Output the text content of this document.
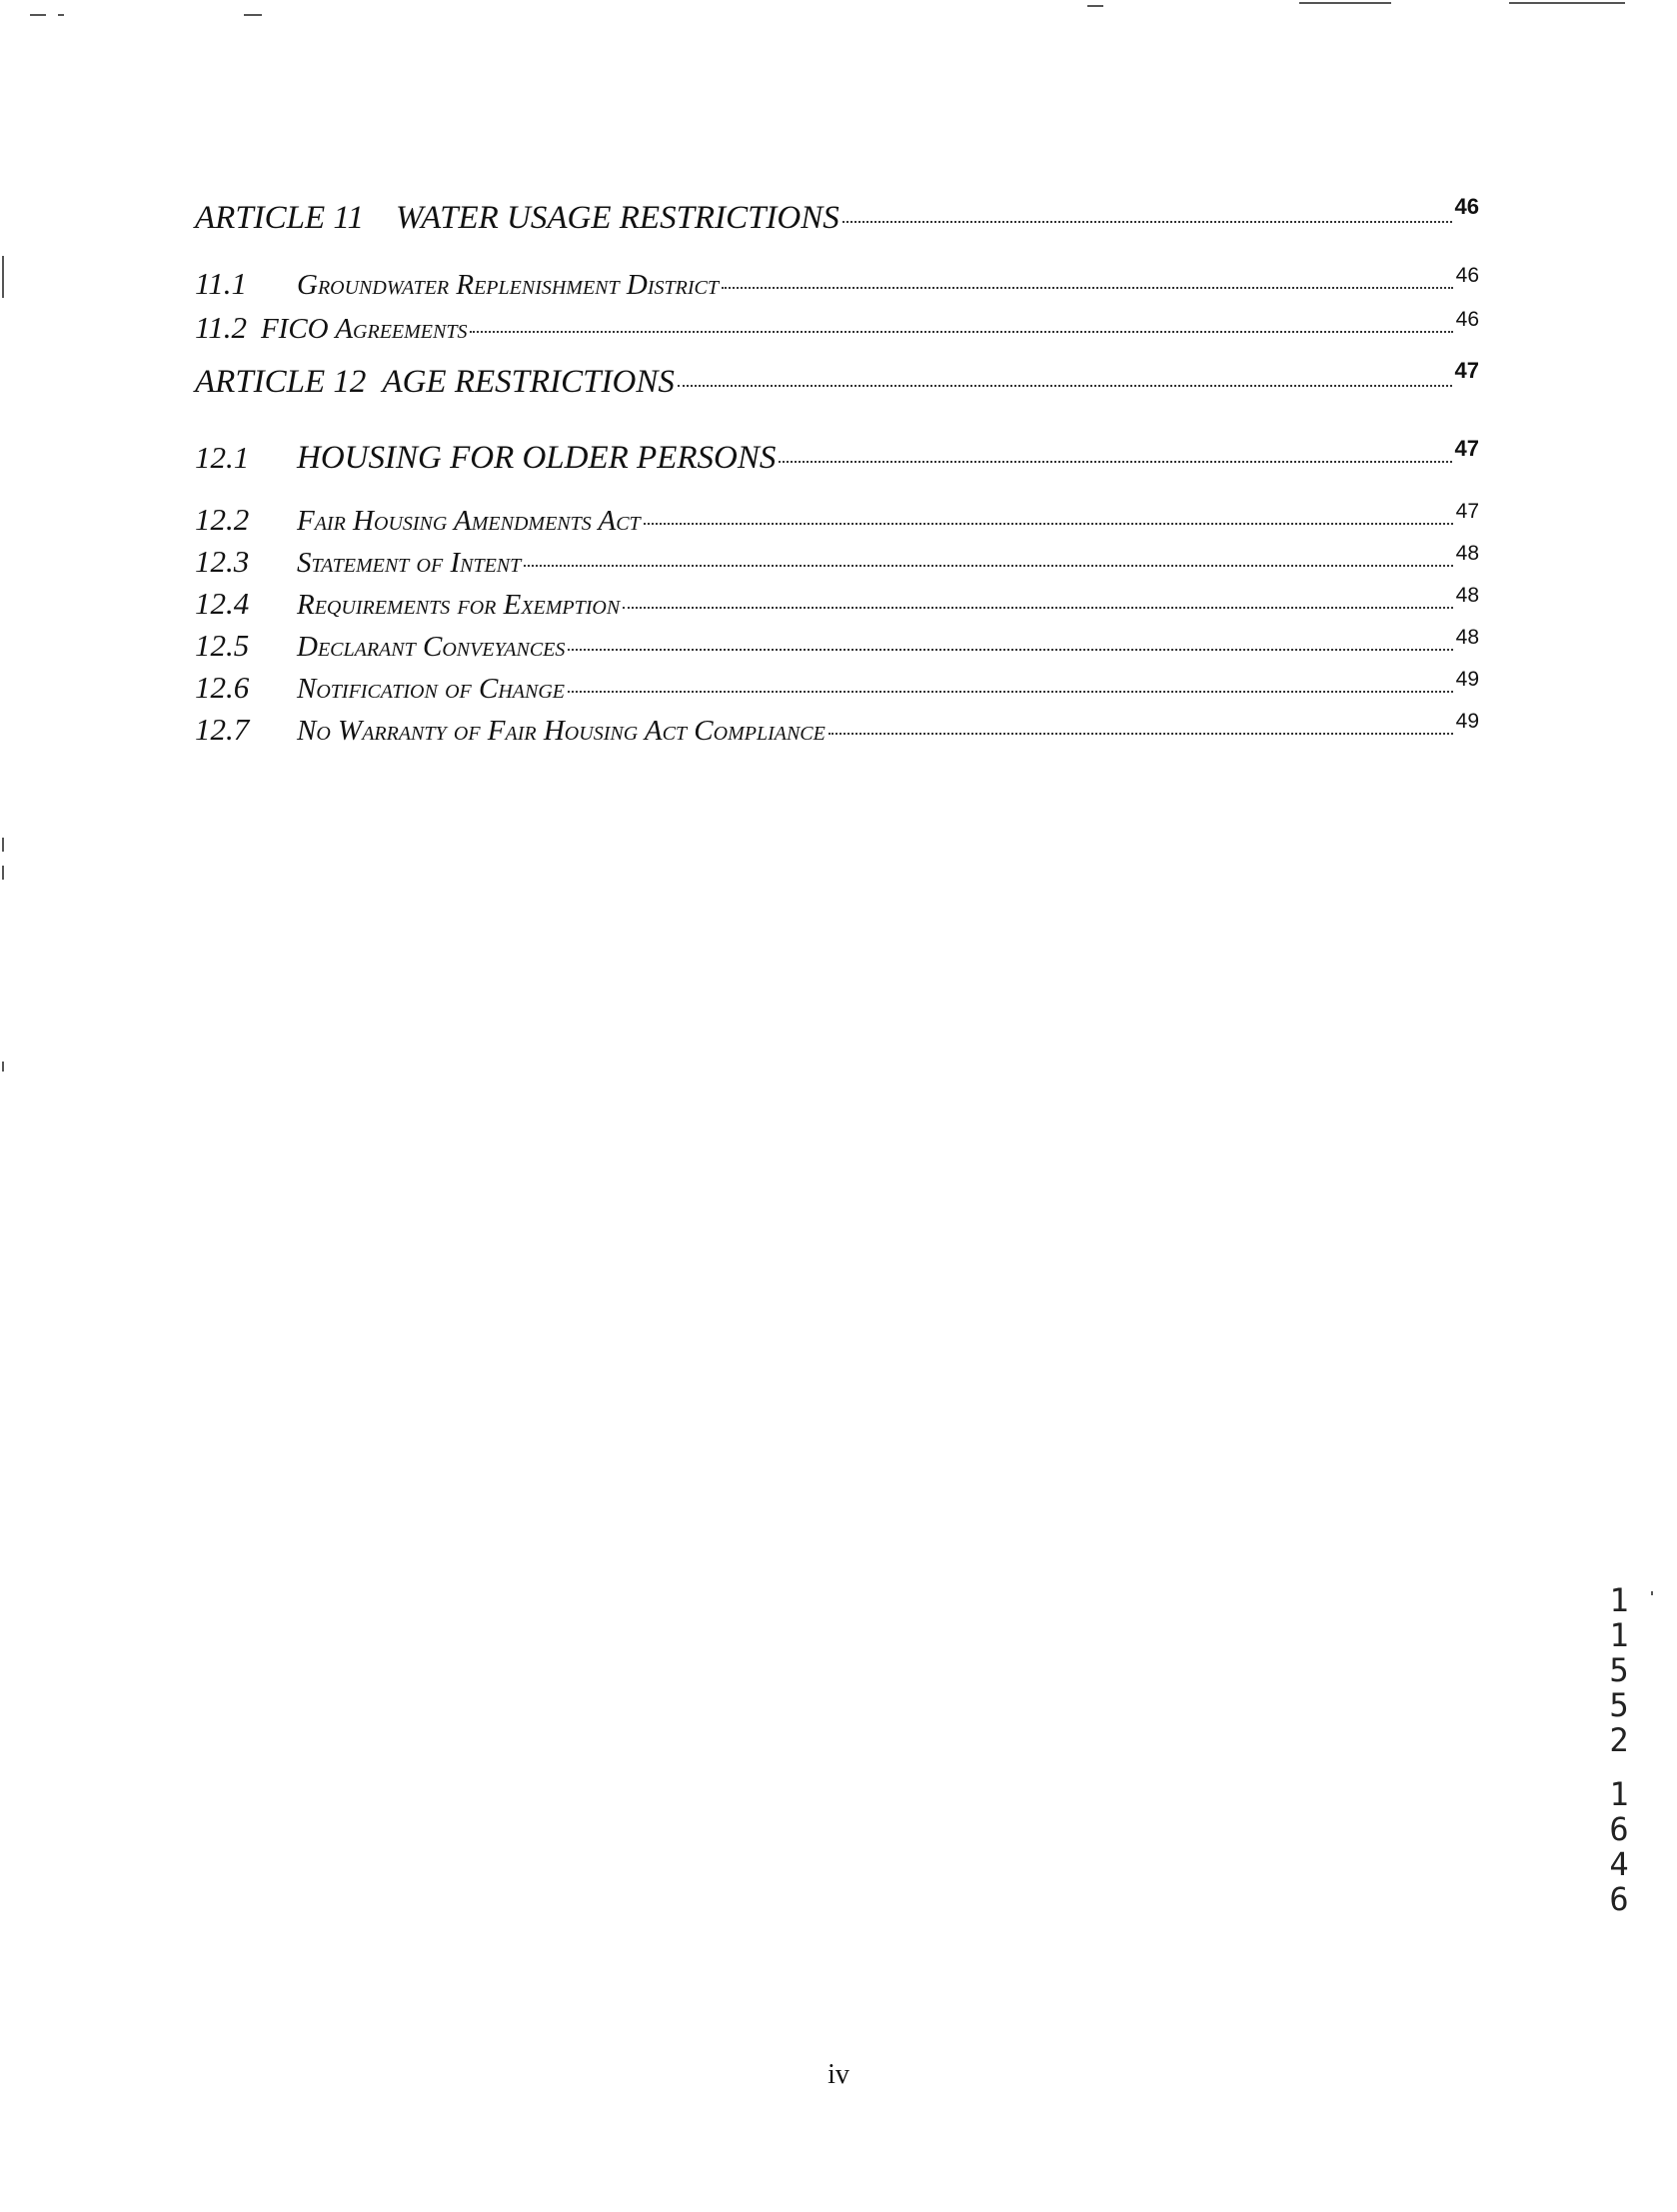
ARTICLE 11 WATER USAGE RESTRICTIONS	46
11.1	Groundwater Replenishment District	46
11.2 FICO Agreements	46
ARTICLE 12 AGE RESTRICTIONS	47
12.1	HOUSING FOR OLDER PERSONS	47
12.2	Fair Housing Amendments Act	47
12.3	Statement of Intent	48
12.4	Requirements for Exemption	48
12.5	Declarant Conveyances	48
12.6	Notification of Change	49
12.7	No Warranty of Fair Housing Act Compliance	49
iv
11552
1646
